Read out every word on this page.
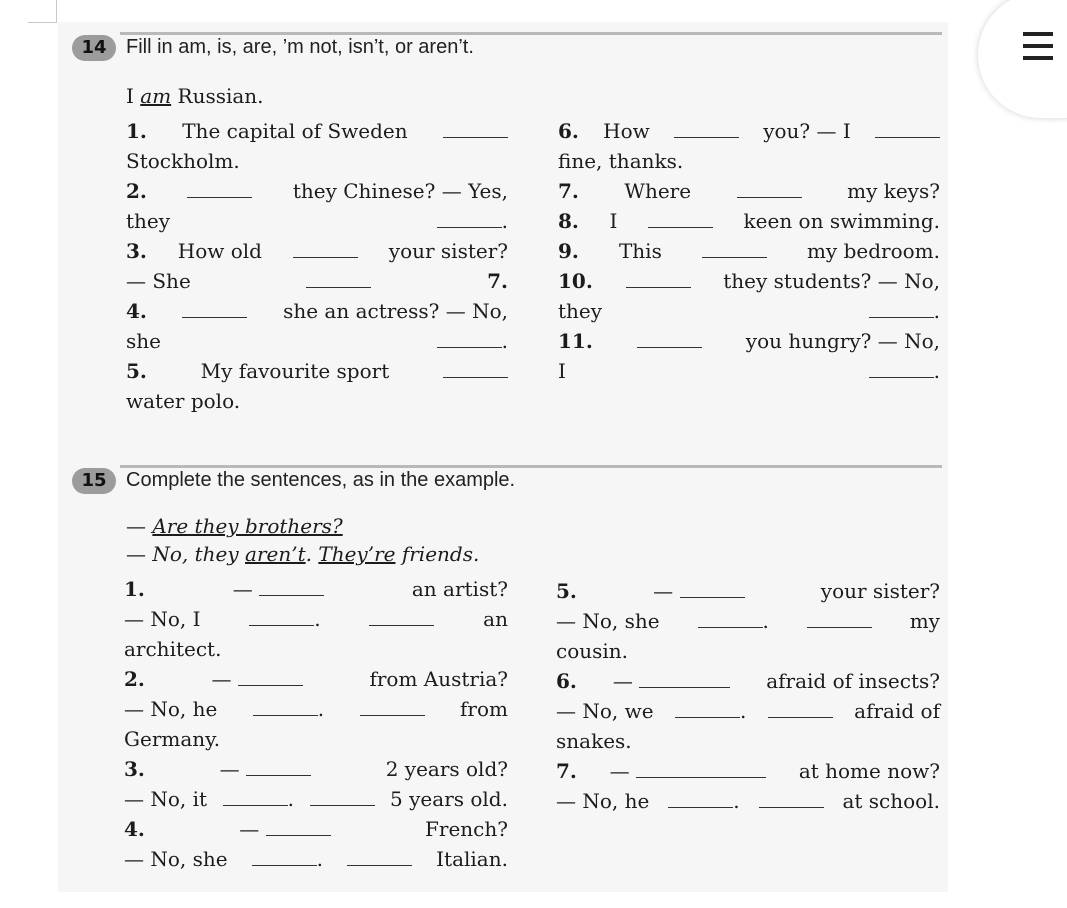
14 Fill in am, is, are, ’m not, isn’t, or aren’t.
I am Russian.
1. The capital of Sweden
Stockholm.
2.	they Chinese? — Yes,
they	.
3. How old	your sister?
— She	7.
4.	she an actress? — No,
she	.
5.	My favourite sport
water polo.
6. How	you? — I
fine, thanks.
7. Where	my keys?
8. I	keen on swimming.
9. This	my bedroom.
10.	they students? — No,
they	.
11.	you hungry? — No,
I	.
15 Complete the sentences, as in the example.
— Are they brothers?
— No, they aren’t. They’re friends.
1.	—	an artist?
— No, I	.	an
architect.
2.	—	from Austria?
— No, he	.	from
Germany.
3.	—	2 years old?
— No, it	.	5 years old.
4.	—	French?
— No, she	.	Italian.
5.	—	your sister?
— No, she	.	my
cousin.
6. —	afraid of insects?
— No, we	.	afraid of
snakes.
7. —	at home now?
— No, he	.	at school.
